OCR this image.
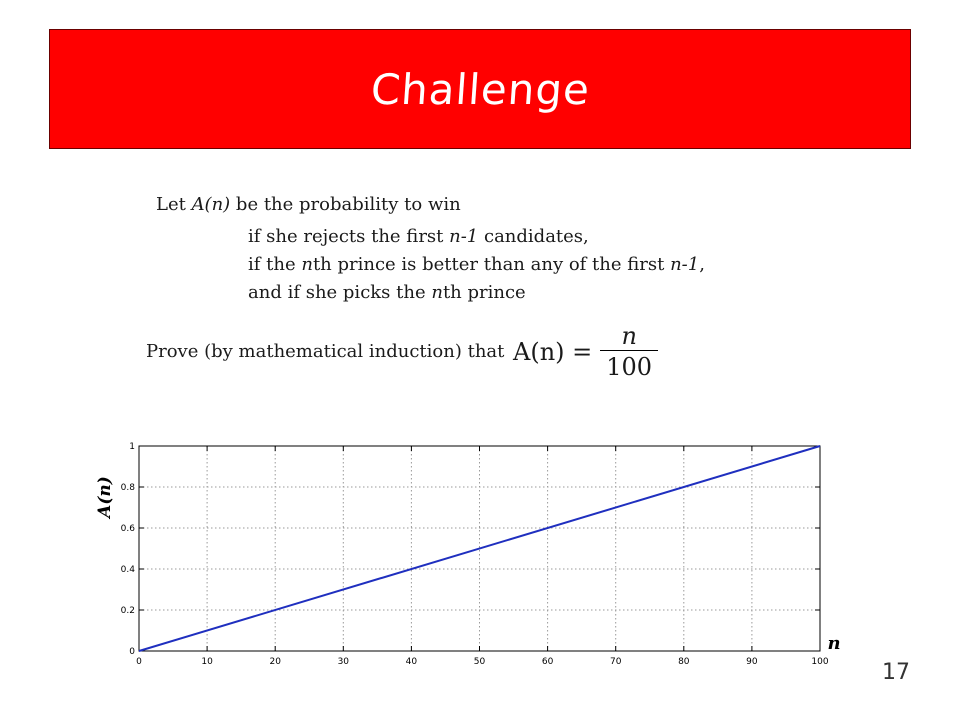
Challenge
Let A(n) be the probability to win
if she rejects the first n-1 candidates,
if the nth prince is better than any of the first n-1,
and if she picks the nth prince
Prove (by mathematical induction) that $A(n) = \frac{n}{100}$
0	10	20	30	40	50	60	70	80	90	100
0
0.2
0.4
0.6
0.8
1
n
A(n)
17
